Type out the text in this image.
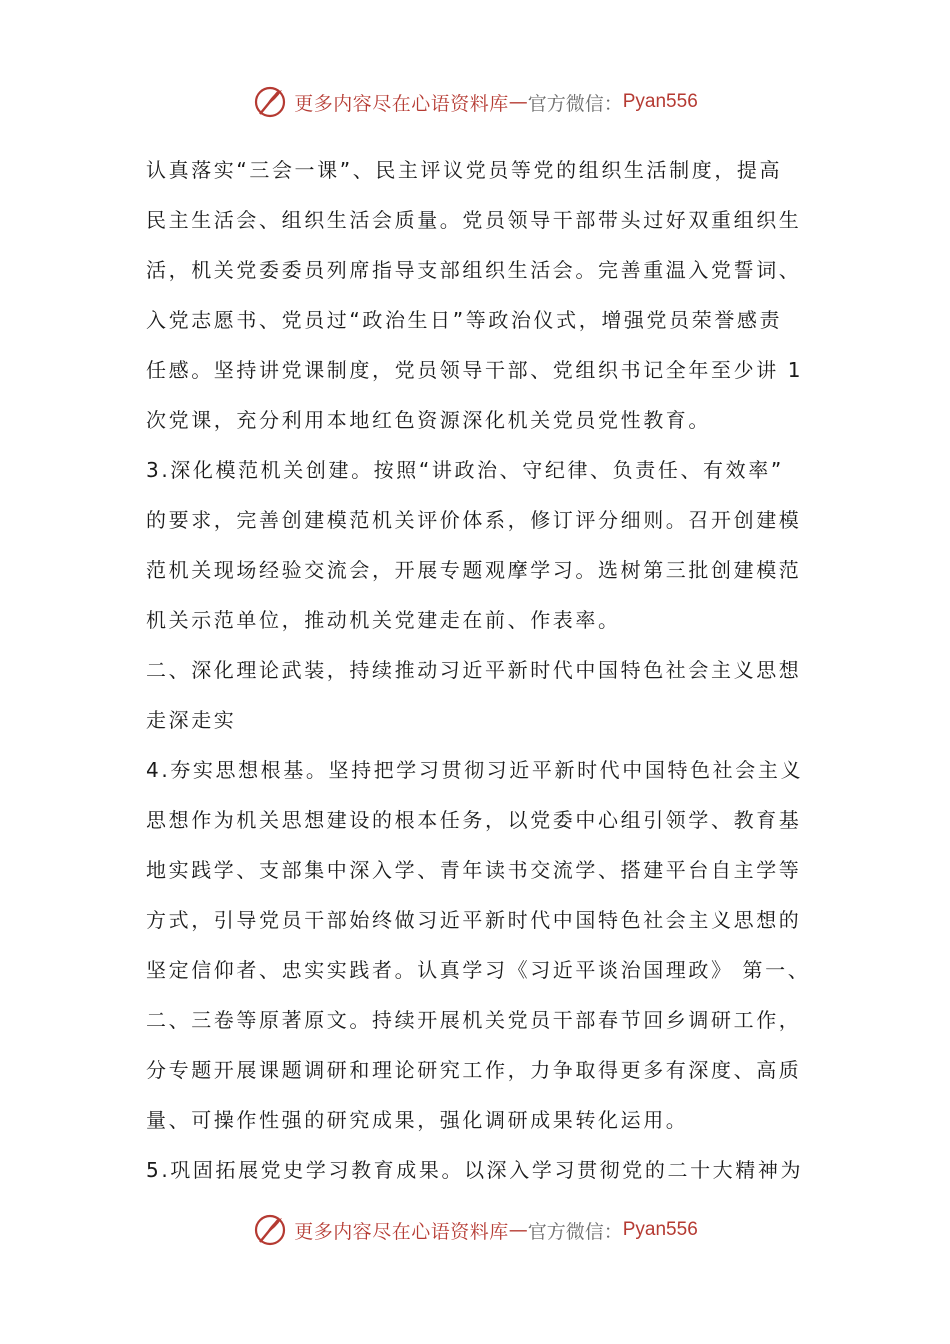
更多内容尽在心语资料库 — 官方微信： Pyan556
认真落实“三会一课”、民主评议党员等党的组织生活制度，提高
民主生活会、组织生活会质量。党员领导干部带头过好双重组织生
活，机关党委委员列席指导支部组织生活会。完善重温入党誓词、
入党志愿书、党员过“政治生日”等政治仪式，增强党员荣誉感责
任感。坚持讲党课制度，党员领导干部、党组织书记全年至少讲 1
次党课，充分利用本地红色资源深化机关党员党性教育。
3.深化模范机关创建。按照“讲政治、守纪律、负责任、有效率”
的要求，完善创建模范机关评价体系，修订评分细则。召开创建模
范机关现场经验交流会，开展专题观摩学习。选树第三批创建模范
机关示范单位，推动机关党建走在前、作表率。
二、深化理论武装，持续推动习近平新时代中国特色社会主义思想
走深走实
4.夯实思想根基。坚持把学习贯彻习近平新时代中国特色社会主义
思想作为机关思想建设的根本任务，以党委中心组引领学、教育基
地实践学、支部集中深入学、青年读书交流学、搭建平台自主学等
方式，引导党员干部始终做习近平新时代中国特色社会主义思想的
坚定信仰者、忠实实践者。认真学习《习近平谈治国理政》 第一、
二、三卷等原著原文。持续开展机关党员干部春节回乡调研工作，
分专题开展课题调研和理论研究工作，力争取得更多有深度、高质
量、可操作性强的研究成果，强化调研成果转化运用。
5.巩固拓展党史学习教育成果。以深入学习贯彻党的二十大精神为
更多内容尽在心语资料库 — 官方微信： Pyan556
